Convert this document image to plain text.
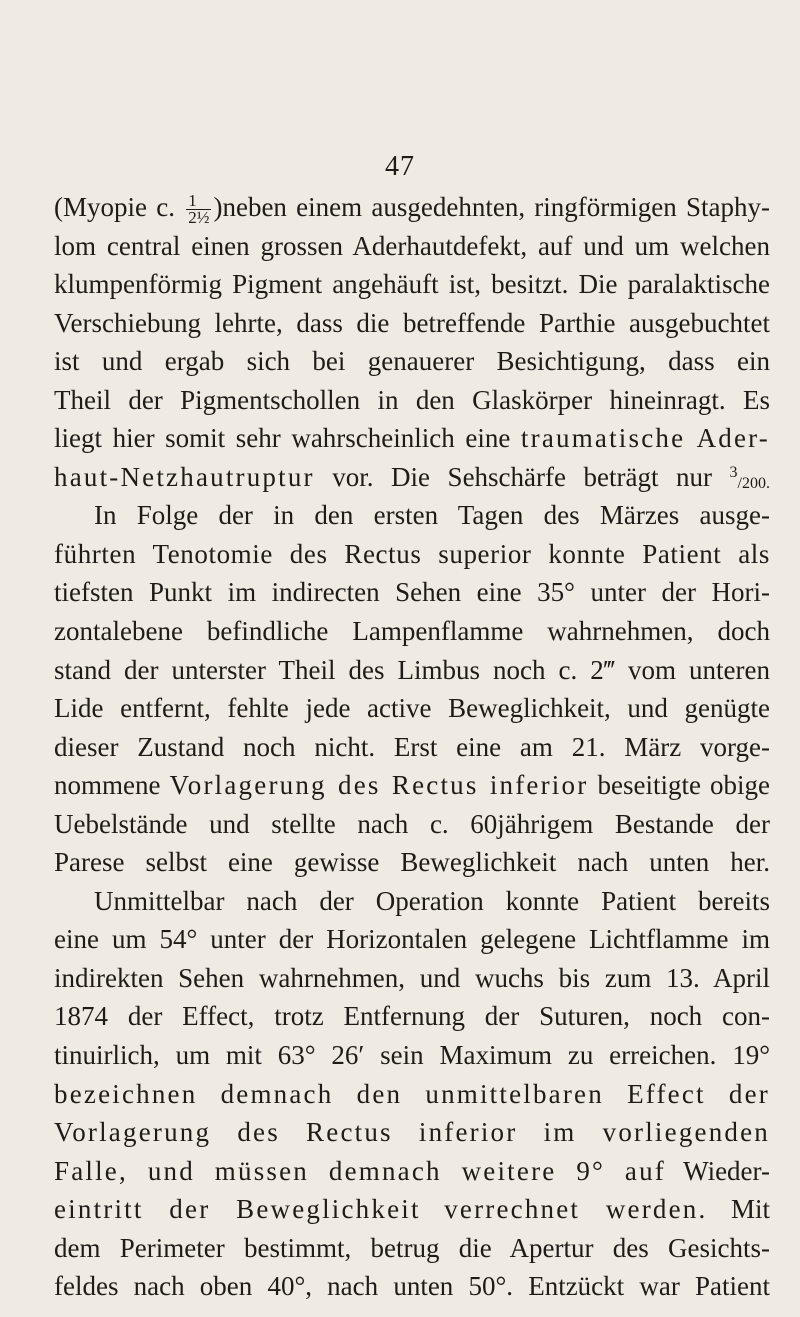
47
(Myopie c. $\frac{1}{\text{2½}}$ )neben einem ausgedehnten, ringförmigen Staphy-
lom central einen grossen Aderhautdefekt, auf und um welchen
klumpenförmig Pigment angehäuft ist, besitzt. Die paralaktische
Verschiebung lehrte, dass die betreffende Parthie ausgebuchtet
ist und ergab sich bei genauerer Besichtigung, dass ein
Theil der Pigmentschollen in den Glaskörper hineinragt. Es
liegt hier somit sehr wahrscheinlich eine traumatische Ader-
haut-Netzhautruptur vor. Die Sehschärfe beträgt nur $^3$/200.
In Folge der in den ersten Tagen des Märzes ausge-
führten Tenotomie des Rectus superior konnte Patient als
tiefsten Punkt im indirecten Sehen eine 35° unter der Hori-
zontalebene befindliche Lampenflamme wahrnehmen, doch
stand der unterster Theil des Limbus noch c. 2‴ vom unteren
Lide entfernt, fehlte jede active Beweglichkeit, und genügte
dieser Zustand noch nicht. Erst eine am 21. März vorge-
nommene Vorlagerung des Rectus inferior beseitigte obige
Uebelstände und stellte nach c. 60jährigem Bestande der
Parese selbst eine gewisse Beweglichkeit nach unten her.
Unmittelbar nach der Operation konnte Patient bereits
eine um 54° unter der Horizontalen gelegene Lichtflamme im
indirekten Sehen wahrnehmen, und wuchs bis zum 13. April
1874 der Effect, trotz Entfernung der Suturen, noch con-
tinuirlich, um mit 63° 26′ sein Maximum zu erreichen. 19°
bezeichnen demnach den unmittelbaren Effect der
Vorlagerung des Rectus inferior im vorliegenden
Falle, und müssen demnach weitere 9° auf Wieder-
eintritt der Beweglichkeit verrechnet werden. Mit
dem Perimeter bestimmt, betrug die Apertur des Gesichts-
feldes nach oben 40°, nach unten 50°. Entzückt war Patient
